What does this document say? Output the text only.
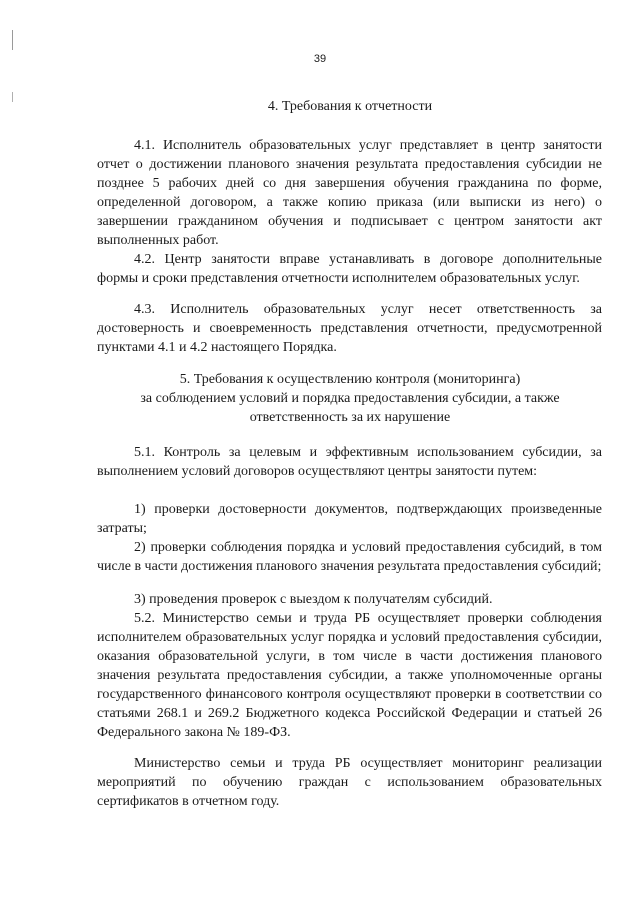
39
4. Требования к отчетности
4.1. Исполнитель образовательных услуг представляет в центр занятости отчет о достижении планового значения результата предоставления субсидии не позднее 5 рабочих дней со дня завершения обучения гражданина по форме, определенной договором, а также копию приказа (или выписки из него) о завершении гражданином обучения и подписывает с центром занятости акт выполненных работ.
4.2. Центр занятости вправе устанавливать в договоре дополнительные формы и сроки представления отчетности исполнителем образовательных услуг.
4.3. Исполнитель образовательных услуг несет ответственность за достоверность и своевременность представления отчетности, предусмотренной пунктами 4.1 и 4.2 настоящего Порядка.
5. Требования к осуществлению контроля (мониторинга)
за соблюдением условий и порядка предоставления субсидии, а также
ответственность за их нарушение
5.1. Контроль за целевым и эффективным использованием субсидии, за выполнением условий договоров осуществляют центры занятости путем:
1) проверки достоверности документов, подтверждающих произведенные затраты;
2) проверки соблюдения порядка и условий предоставления субсидий, в том числе в части достижения планового значения результата предоставления субсидий;
3) проведения проверок с выездом к получателям субсидий.
5.2. Министерство семьи и труда РБ осуществляет проверки соблюдения исполнителем образовательных услуг порядка и условий предоставления субсидии, оказания образовательной услуги, в том числе в части достижения планового значения результата предоставления субсидии, а также уполномоченные органы государственного финансового контроля осуществляют проверки в соответствии со статьями 268.1 и 269.2 Бюджетного кодекса Российской Федерации и статьей 26 Федерального закона № 189-ФЗ.
Министерство семьи и труда РБ осуществляет мониторинг реализации мероприятий по обучению граждан с использованием образовательных сертификатов в отчетном году.
